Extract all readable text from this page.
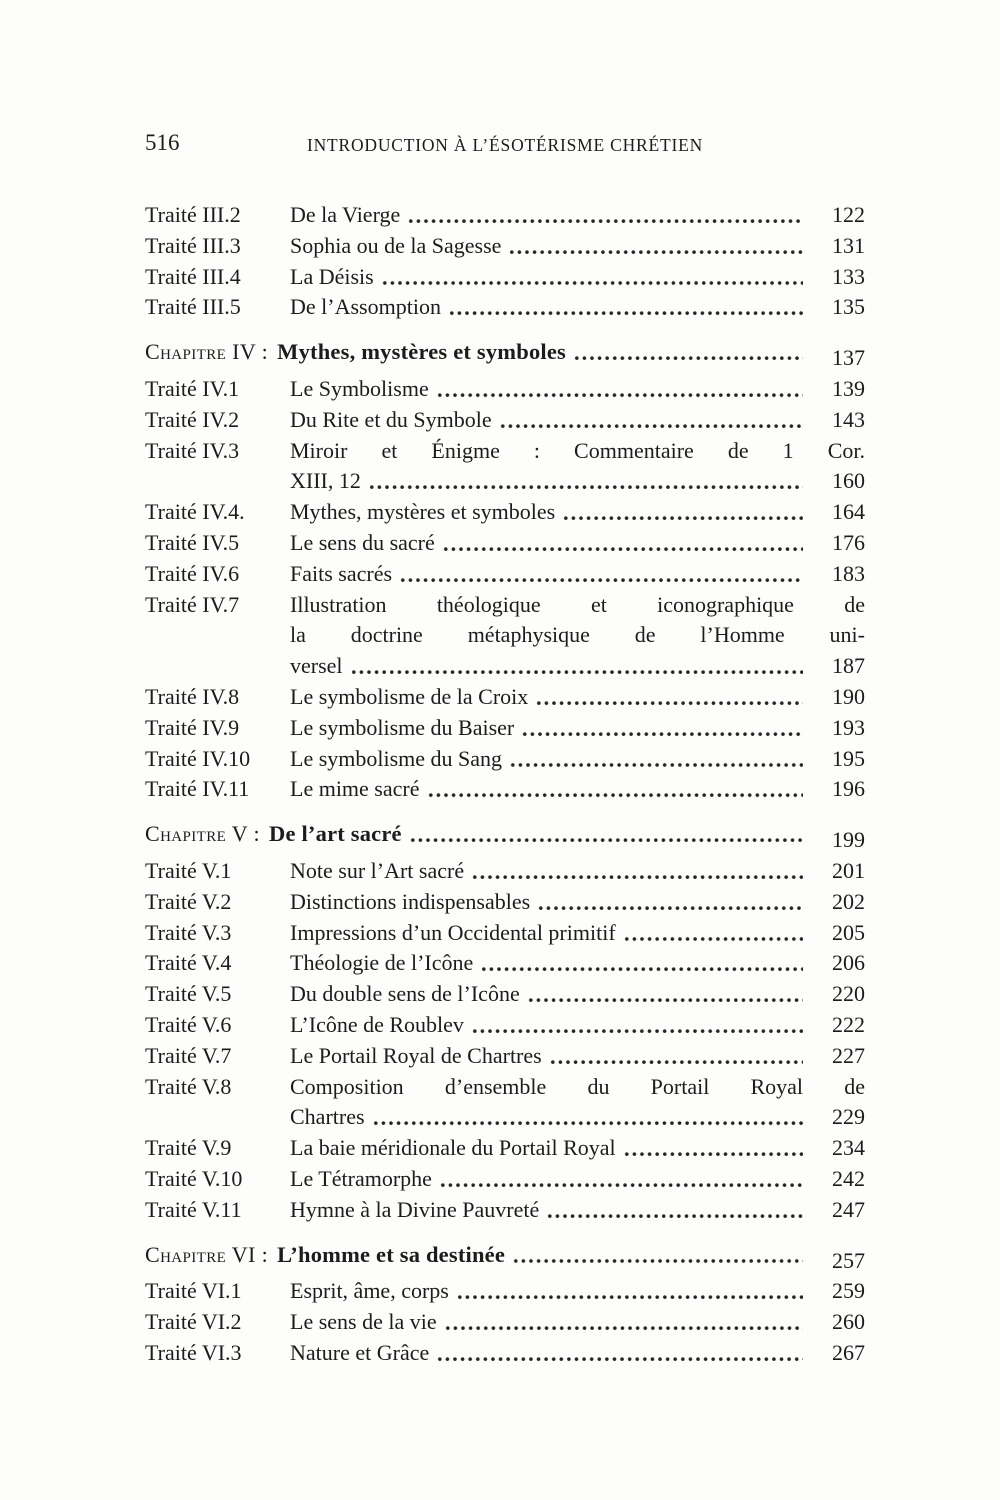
516	INTRODUCTION À L’ÉSOTÉRISME CHRÉTIEN
Traité III.2	De la Vierge	122
Traité III.3	Sophia ou de la Sagesse	131
Traité III.4	La Déisis	133
Traité III.5	De l’Assomption	135
Chapitre IV : Mythes, mystères et symboles	137
Traité IV.1	Le Symbolisme	139
Traité IV.2	Du Rite et du Symbole	143
Traité IV.3	Miroir et Énigme : Commentaire de 1 Cor.
XIII, 12	160
Traité IV.4.	Mythes, mystères et symboles	164
Traité IV.5	Le sens du sacré	176
Traité IV.6	Faits sacrés	183
Traité IV.7	Illustration théologique et iconographique de
la doctrine métaphysique de l’Homme uni-
versel	187
Traité IV.8	Le symbolisme de la Croix	190
Traité IV.9	Le symbolisme du Baiser	193
Traité IV.10	Le symbolisme du Sang	195
Traité IV.11	Le mime sacré	196
Chapitre V : De l’art sacré	199
Traité V.1	Note sur l’Art sacré	201
Traité V.2	Distinctions indispensables	202
Traité V.3	Impressions d’un Occidental primitif	205
Traité V.4	Théologie de l’Icône	206
Traité V.5	Du double sens de l’Icône	220
Traité V.6	L’Icône de Roublev	222
Traité V.7	Le Portail Royal de Chartres	227
Traité V.8	Composition d’ensemble du Portail Royal de
Chartres	229
Traité V.9	La baie méridionale du Portail Royal	234
Traité V.10	Le Tétramorphe	242
Traité V.11	Hymne à la Divine Pauvreté	247
Chapitre VI : L’homme et sa destinée	257
Traité VI.1	Esprit, âme, corps	259
Traité VI.2	Le sens de la vie	260
Traité VI.3	Nature et Grâce	267
